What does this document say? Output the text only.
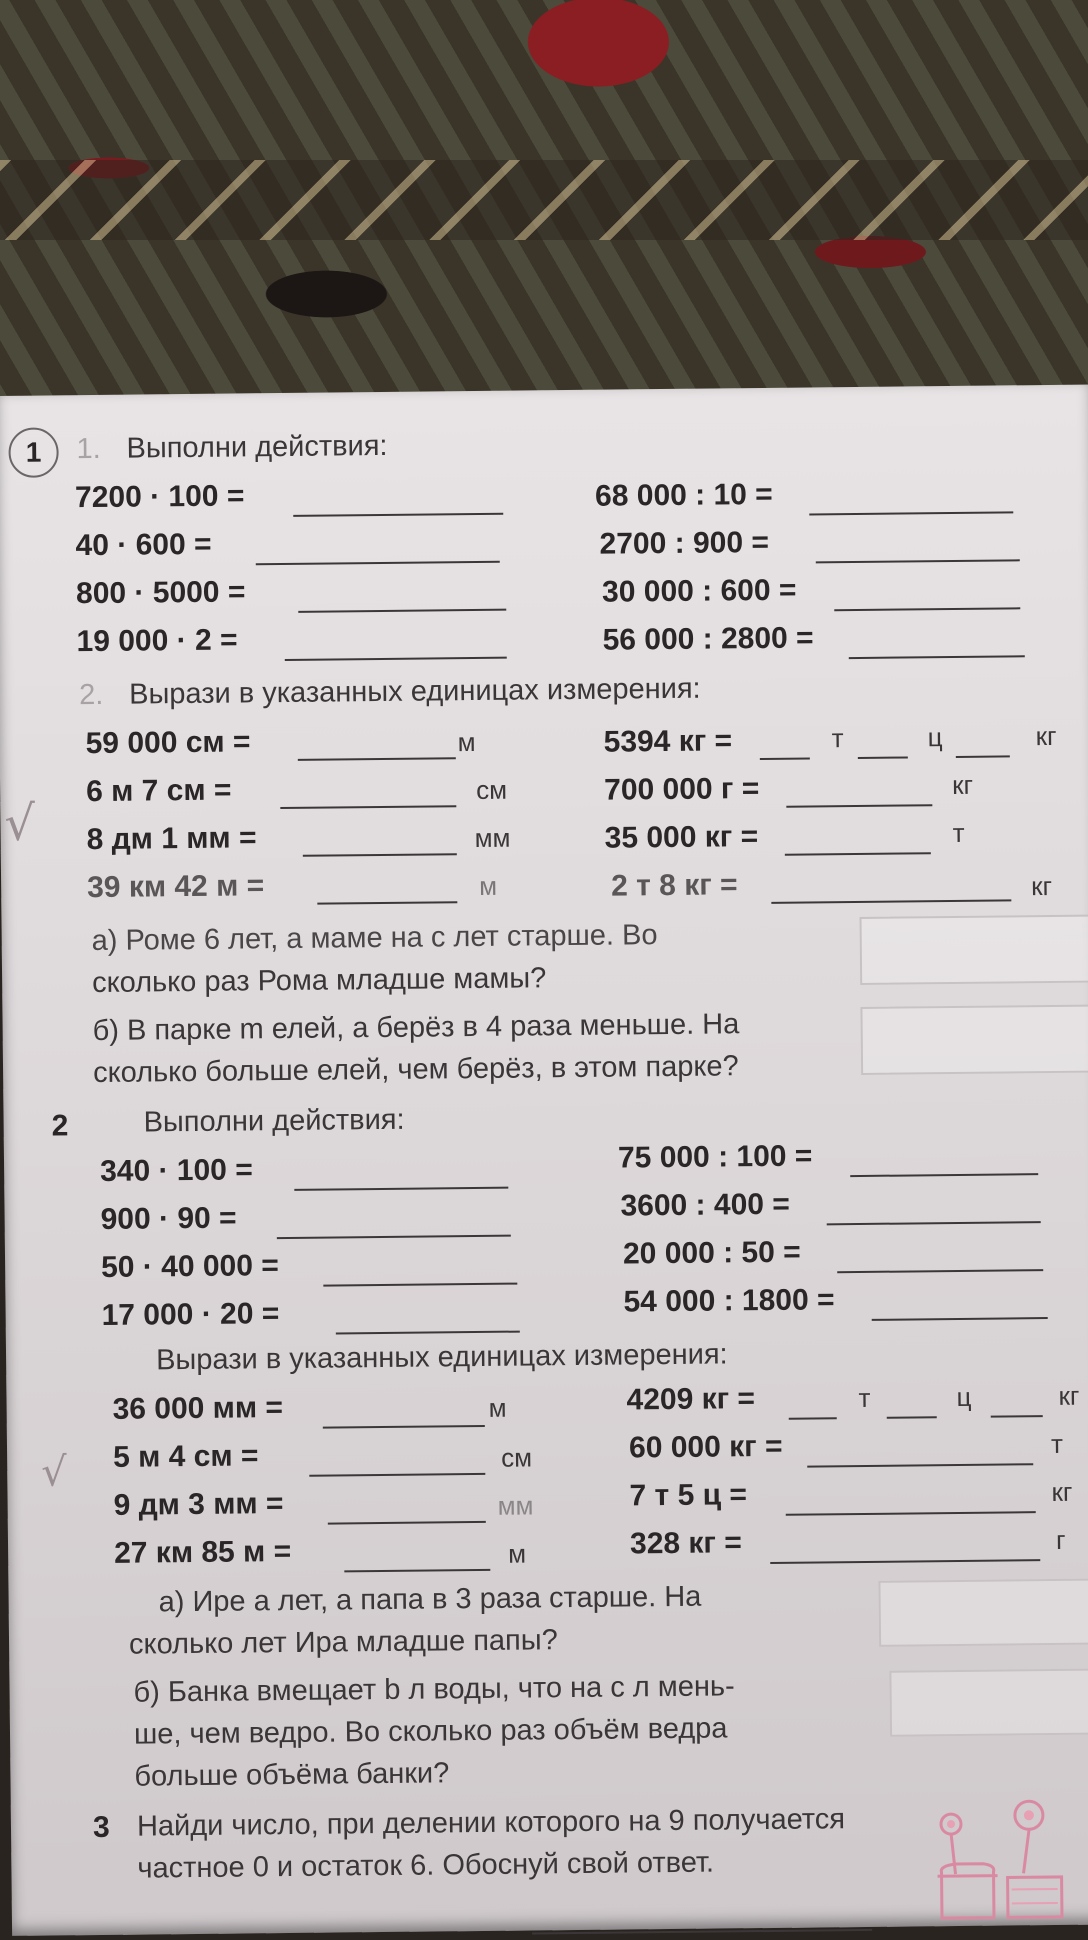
1	1. Выполни действия:
7200 · 100 =
40 · 600 =
800 · 5000 =
19 000 · 2 =
68 000 : 10 =
2700 : 900 =
30 000 : 600 =
56 000 : 2800 =
2. Вырази в указанных единицах измерения:
59 000 см =	м
6 м 7 см =	см
8 дм 1 мм =	мм
39 км 42 м =	м
5394 кг =	т	ц	кг
700 000 г =	кг
35 000 кг =	т
2 т 8 кг =	кг
а) Роме 6 лет, а маме на с лет старше. Во
сколько раз Рома младше мамы?
б) В парке m елей, а берёз в 4 раза меньше. На
сколько больше елей, чем берёз, в этом парке?
2	Выполни действия:
340 · 100 =
900 · 90 =
50 · 40 000 =
17 000 · 20 =
75 000 : 100 =
3600 : 400 =
20 000 : 50 =
54 000 : 1800 =
Вырази в указанных единицах измерения:
36 000 мм =	м
5 м 4 см =	см
9 дм 3 мм =	мм
27 км 85 м =	м
4209 кг =	т	ц	кг
60 000 кг =	т
7 т 5 ц =	кг
328 кг =	г
а) Ире a лет, а папа в 3 раза старше. На
сколько лет Ира младше папы?
б) Банка вмещает b л воды, что на с л мень-
ше, чем ведро. Во сколько раз объём ведра
больше объёма банки?
3 Найди число, при делении которого на 9 получается
частное 0 и остаток 6. Обоснуй свой ответ.
√
√
